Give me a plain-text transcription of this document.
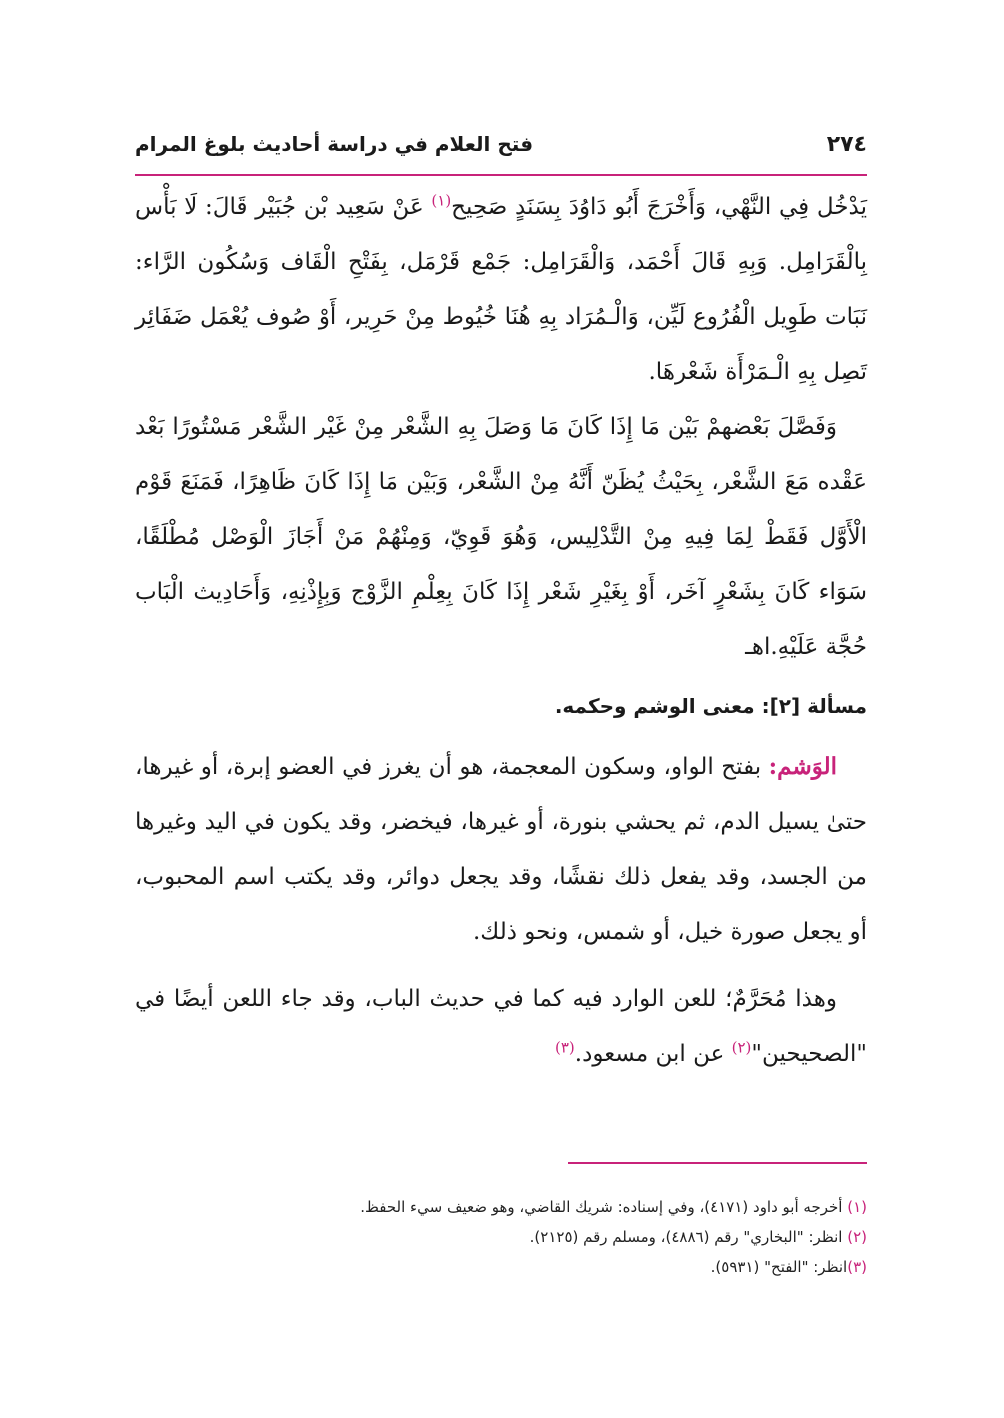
٢٧٤
فتح العلام في دراسة أحاديث بلوغ المرام

يَدْخُل فِي النَّهْي، وَأَخْرَجَ أَبُو دَاوُدَ بِسَنَدٍ صَحِيح$^{(١)}$ عَنْ سَعِيد بْن جُبَيْر قَالَ: لَا بَأْس بِالْقَرَامِل. وَبِهِ قَالَ أَحْمَد، وَالْقَرَامِل: جَمْع قَرْمَل، بِفَتْحِ الْقَاف وَسُكُون الرَّاء: نَبَات طَوِيل الْفُرُوع لَيِّن، وَالْـمُرَاد بِهِ هُنَا خُيُوط مِنْ حَرِير، أَوْ صُوف يُعْمَل ضَفَائِر تَصِل بِهِ الْـمَرْأَة شَعْرهَا.

وَفَصَّلَ بَعْضهمْ بَيْن مَا إِذَا كَانَ مَا وَصَلَ بِهِ الشَّعْر مِنْ غَيْر الشَّعْر مَسْتُورًا بَعْد عَقْده مَعَ الشَّعْر، بِحَيْثُ يُظَنّ أَنَّهُ مِنْ الشَّعْر، وَبَيْن مَا إِذَا كَانَ ظَاهِرًا، فَمَنَعَ قَوْم الْأَوَّل فَقَطْ لِمَا فِيهِ مِنْ التَّدْلِيس، وَهُوَ قَوِيّ، وَمِنْهُمْ مَنْ أَجَازَ الْوَصْل مُطْلَقًا، سَوَاء كَانَ بِشَعْرٍ آخَر، أَوْ بِغَيْرِ شَعْر إِذَا كَانَ بِعِلْمِ الزَّوْج وَبِإِذْنِهِ، وَأَحَادِيث الْبَاب حُجَّة عَلَيْهِ.اهـ

مسألة [٢]: معنى الوشم وحكمه.

الوَشم: بفتح الواو، وسكون المعجمة، هو أن يغرز في العضو إبرة، أو غيرها، حتىٰ يسيل الدم، ثم يحشي بنورة، أو غيرها، فيخضر، وقد يكون في اليد وغيرها من الجسد، وقد يفعل ذلك نقشًا، وقد يجعل دوائر، وقد يكتب اسم المحبوب، أو يجعل صورة خيل، أو شمس، ونحو ذلك.

وهذا مُحَرَّمٌ؛ للعن الوارد فيه كما في حديث الباب، وقد جاء اللعن أيضًا في "الصحيحين"$^{(٢)}$ عن ابن مسعود.$^{(٣)}$

(١) أخرجه أبو داود (٤١٧١)، وفي إسناده: شريك القاضي، وهو ضعيف سيء الحفظ.
(٢) انظر: "البخاري" رقم (٤٨٨٦)، ومسلم رقم (٢١٢٥).
(٣)انظر: "الفتح" (٥٩٣١).
